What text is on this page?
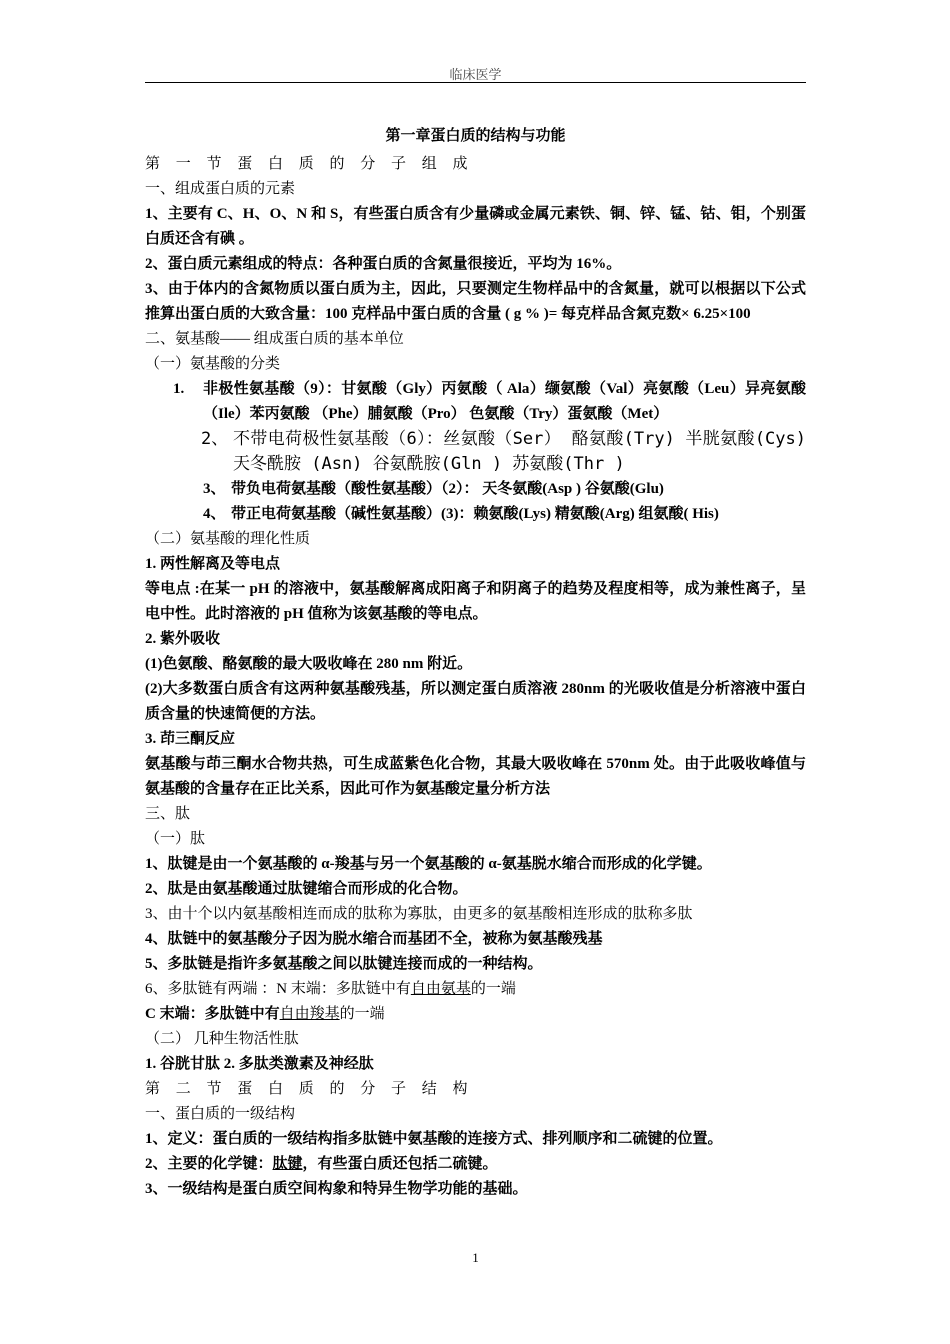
临床医学
第一章蛋白质的结构与功能

第 一 节 蛋 白 质 的 分 子 组 成

一、组成蛋白质的元素

1、主要有 C、H、O、N 和 S，有些蛋白质含有少量磷或金属元素铁、铜、锌、锰、钴、钼，个别蛋白质还含有碘 。

2、蛋白质元素组成的特点：各种蛋白质的含氮量很接近，平均为 16%。

3、由于体内的含氮物质以蛋白质为主，因此，只要测定生物样品中的含氮量，就可以根据以下公式推算出蛋白质的大致含量：100 克样品中蛋白质的含量 ( g % )= 每克样品含氮克数× 6.25×100

二、氨基酸—— 组成蛋白质的基本单位

（一）氨基酸的分类

1. 非极性氨基酸（9）：甘氨酸（Gly）丙氨酸（ Ala）缬氨酸（Val）亮氨酸（Leu）异亮氨酸（Ile）苯丙氨酸 （Phe）脯氨酸（Pro） 色氨酸（Try）蛋氨酸（Met）

2、 不带电荷极性氨基酸（6）：丝氨酸（Ser） 酪氨酸(Try) 半胱氨酸(Cys) 天冬酰胺 (Asn) 谷氨酰胺(Gln ) 苏氨酸(Thr )

3、 带负电荷氨基酸（酸性氨基酸）（2）： 天冬氨酸(Asp ) 谷氨酸(Glu)

4、 带正电荷氨基酸（碱性氨基酸）(3)：赖氨酸(Lys) 精氨酸(Arg) 组氨酸( His)

（二）氨基酸的理化性质

1. 两性解离及等电点

等电点 :在某一 pH 的溶液中，氨基酸解离成阳离子和阴离子的趋势及程度相等，成为兼性离子，呈电中性。此时溶液的 pH 值称为该氨基酸的等电点。

2. 紫外吸收

(1)色氨酸、酪氨酸的最大吸收峰在 280 nm 附近。

(2)大多数蛋白质含有这两种氨基酸残基，所以测定蛋白质溶液 280nm 的光吸收值是分析溶液中蛋白质含量的快速简便的方法。

3. 茚三酮反应

氨基酸与茚三酮水合物共热，可生成蓝紫色化合物，其最大吸收峰在 570nm 处。由于此吸收峰值与氨基酸的含量存在正比关系，因此可作为氨基酸定量分析方法

三、肽

（一）肽

1、肽键是由一个氨基酸的 α-羧基与另一个氨基酸的 α-氨基脱水缩合而形成的化学键。

2、肽是由氨基酸通过肽键缩合而形成的化合物。

3、由十个以内氨基酸相连而成的肽称为寡肽，由更多的氨基酸相连形成的肽称多肽

4、肽链中的氨基酸分子因为脱水缩合而基团不全，被称为氨基酸残基

5、多肽链是指许多氨基酸之间以肽键连接而成的一种结构。

6、多肽链有两端 ：N 末端：多肽链中有自由氨基的一端

C 末端：多肽链中有自由羧基的一端

（二） 几种生物活性肽

1. 谷胱甘肽 2. 多肽类激素及神经肽

第 二 节 蛋 白 质 的 分 子 结 构

一、蛋白质的一级结构

1、定义：蛋白质的一级结构指多肽链中氨基酸的连接方式、排列顺序和二硫键的位置。

2、主要的化学键：肽键，有些蛋白质还包括二硫键。

3、一级结构是蛋白质空间构象和特异生物学功能的基础。

1
